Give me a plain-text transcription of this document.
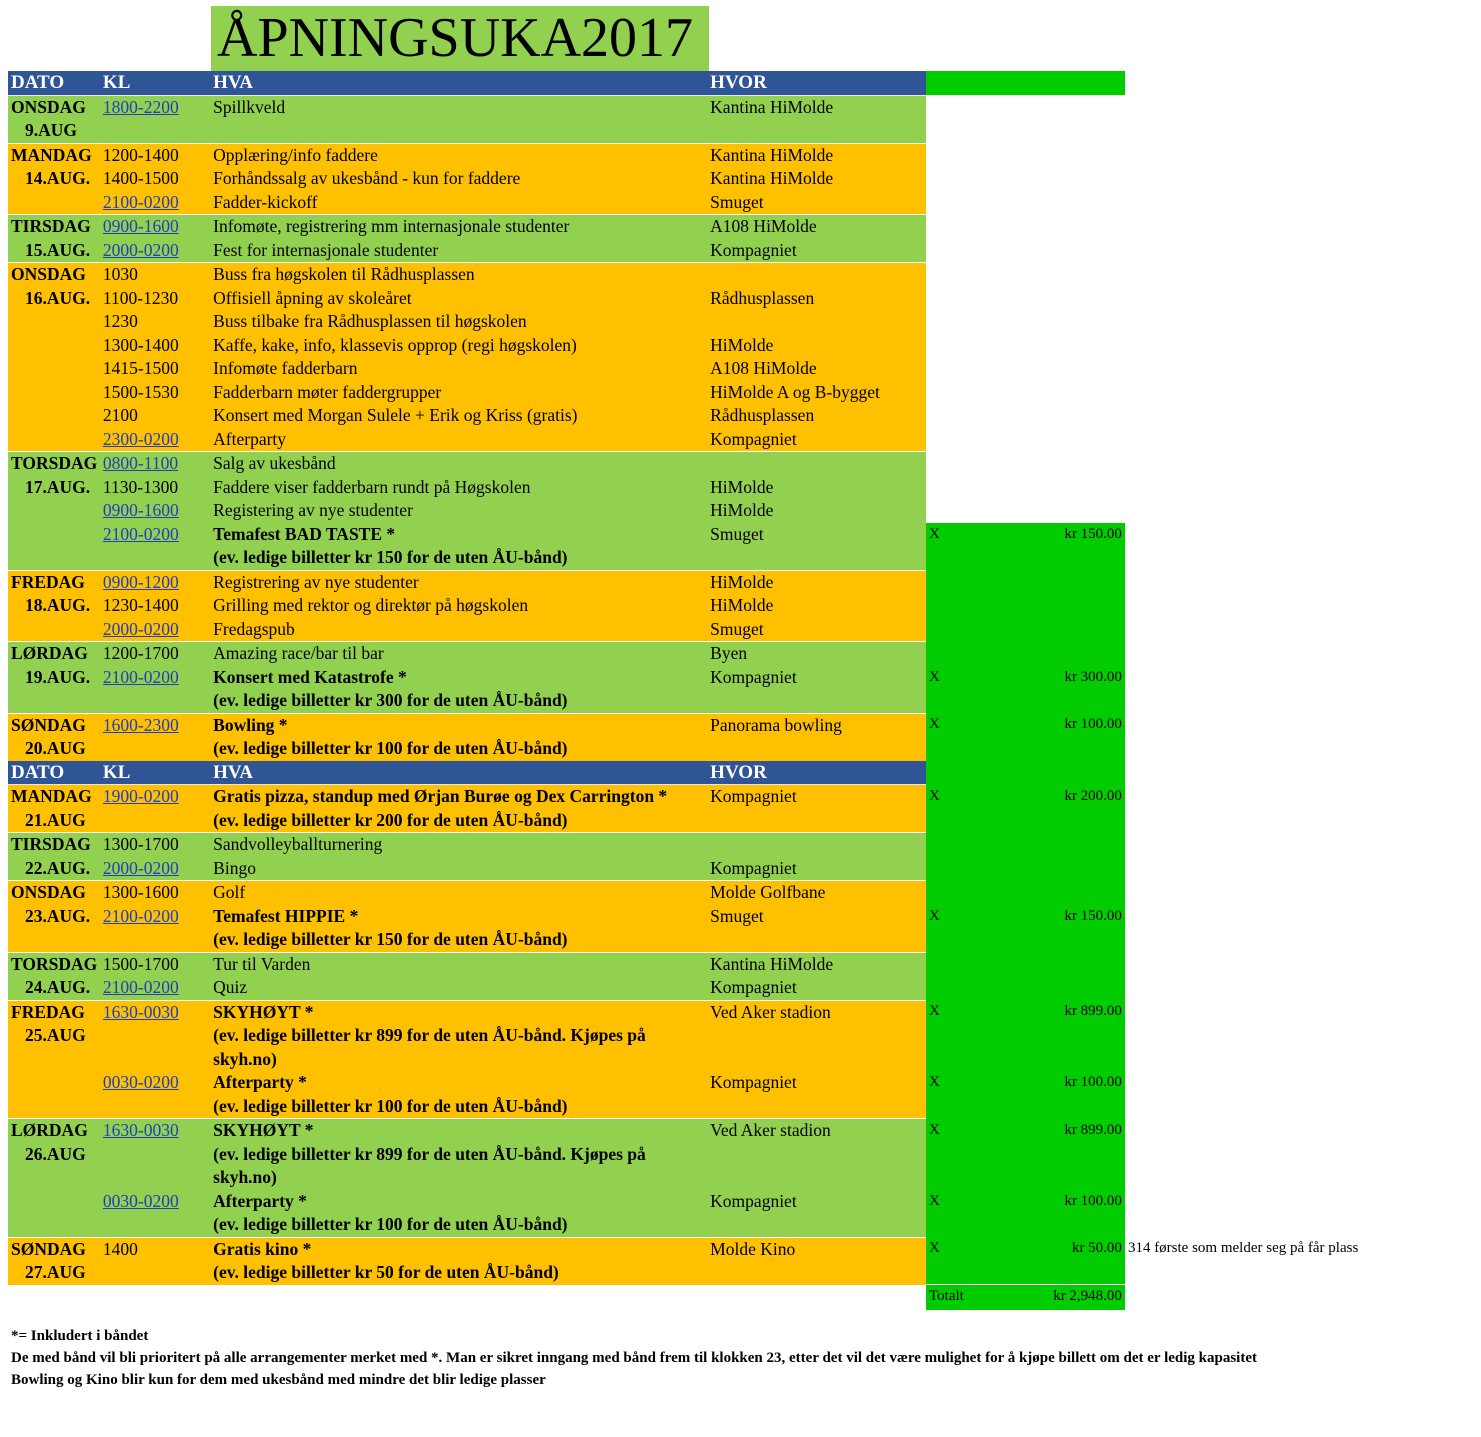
ÅPNINGSUKA2017
DATO	KL	HVA	HVOR			

ONSDAG
9.AUG	1800-2200	Spillkveld	Kantina HiMolde			

MANDAG	1200-1400	Opplæring/info faddere	Kantina HiMolde			

14.AUG.	1400-1500	Forhåndssalg av ukesbånd - kun for faddere	Kantina HiMolde			
	2100-0200	Fadder-kickoff	Smuget			

TIRSDAG	0900-1600	Infomøte, registrering mm internasjonale studenter	A108 HiMolde			

15.AUG.	2000-0200	Fest for internasjonale studenter	Kompagniet			

ONSDAG	1030	Buss fra høgskolen til Rådhusplassen				

16.AUG.	1100-1230	Offisiell åpning av skoleåret	Rådhusplassen			
	1230	Buss tilbake fra Rådhusplassen til høgskolen				

	1300-1400	Kaffe, kake, info, klassevis opprop (regi høgskolen)	HiMolde			
	1415-1500	Infomøte fadderbarn	A108 HiMolde			
	1500-1530	Fadderbarn møter faddergrupper	HiMolde A og B-bygget			
	2100	Konsert med Morgan Sulele + Erik og Kriss (gratis)	Rådhusplassen			
	2300-0200	Afterparty	Kompagniet			

TORSDAG	0800-1100	Salg av ukesbånd				

17.AUG.	1130-1300	Faddere viser fadderbarn rundt på Høgskolen	HiMolde			
	0900-1600	Registering av nye studenter	HiMolde			
	2100-0200	Temafest BAD TASTE *
(ev. ledige billetter kr 150 for de uten ÅU-bånd)	Smuget	X	kr 150.00	

FREDAG	0900-1200	Registrering av nye studenter	HiMolde			

18.AUG.	1230-1400	Grilling med rektor og direktør på høgskolen	HiMolde			
	2000-0200	Fredagspub	Smuget			

LØRDAG	1200-1700	Amazing race/bar til bar	Byen			

19.AUG.	2100-0200	Konsert med Katastrofe *
(ev. ledige billetter kr 300 for de uten ÅU-bånd)	Kompagniet	X	kr 300.00	

SØNDAG
20.AUG	1600-2300	Bowling *
(ev. ledige billetter kr 100 for de uten ÅU-bånd)	Panorama bowling	X	kr 100.00	
DATO	KL	HVA	HVOR			

MANDAG
21.AUG	1900-0200	Gratis pizza, standup med Ørjan Burøe og Dex Carrington *
(ev. ledige billetter kr 200 for de uten ÅU-bånd)	Kompagniet	X	kr 200.00	

TIRSDAG	1300-1700	Sandvolleyballturnering				

22.AUG.	2000-0200	Bingo	Kompagniet			

ONSDAG	1300-1600	Golf	Molde Golfbane			

23.AUG.	2100-0200	Temafest HIPPIE *
(ev. ledige billetter kr 150 for de uten ÅU-bånd)	Smuget	X	kr 150.00	

TORSDAG	1500-1700	Tur til Varden	Kantina HiMolde			

24.AUG.	2100-0200	Quiz	Kompagniet			

FREDAG
25.AUG	1630-0030	SKYHØYT *
(ev. ledige billetter kr 899 for de uten ÅU-bånd. Kjøpes på
skyh.no)	Ved Aker stadion	X	kr 899.00	
	0030-0200	Afterparty *
(ev. ledige billetter kr 100 for de uten ÅU-bånd)	Kompagniet	X	kr 100.00	

LØRDAG
26.AUG	1630-0030	SKYHØYT *
(ev. ledige billetter kr 899 for de uten ÅU-bånd. Kjøpes på
skyh.no)	Ved Aker stadion	X	kr 899.00	
	0030-0200	Afterparty *
(ev. ledige billetter kr 100 for de uten ÅU-bånd)	Kompagniet	X	kr 100.00	

SØNDAG
27.AUG	1400	Gratis kino *
(ev. ledige billetter kr 50 for de uten ÅU-bånd)	Molde Kino	X	kr 50.00	314 første som melder seg på får plass
				Totalt	kr 2,948.00	
*= Inkludert i båndet
De med bånd vil bli prioritert på alle arrangementer merket med *. Man er sikret inngang med bånd frem til klokken 23, etter det vil det være mulighet for å kjøpe billett om det er ledig kapasitet
Bowling og Kino blir kun for dem med ukesbånd med mindre det blir ledige plasser
